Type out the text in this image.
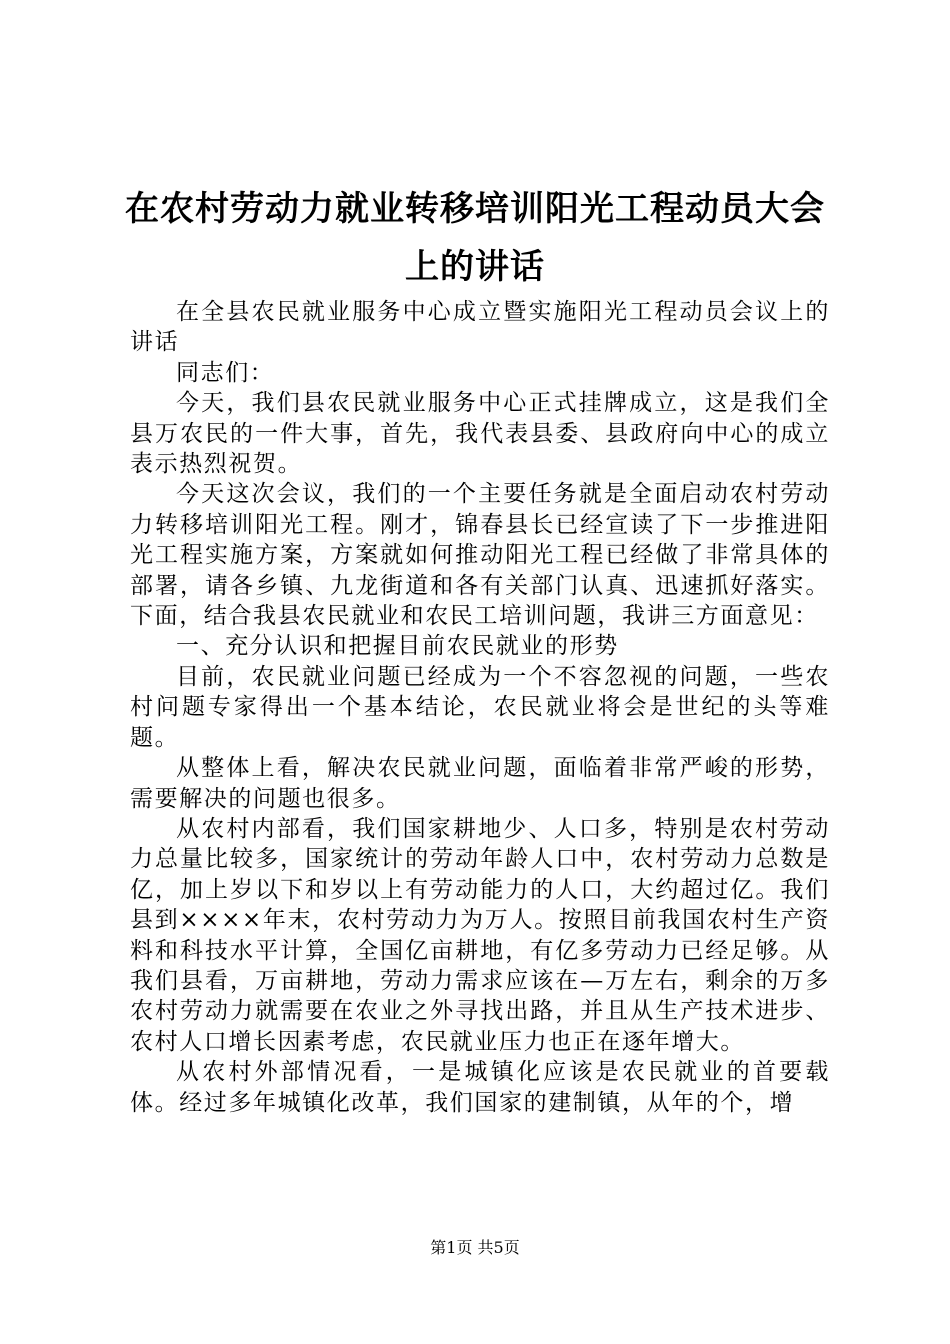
在农村劳动力就业转移培训阳光工程动员大会上的讲话

在全县农民就业服务中心成立暨实施阳光工程动员会议上的讲话

同志们：

今天，我们县农民就业服务中心正式挂牌成立，这是我们全县万农民的一件大事，首先，我代表县委、县政府向中心的成立表示热烈祝贺。

今天这次会议，我们的一个主要任务就是全面启动农村劳动力转移培训阳光工程。刚才，锦春县长已经宣读了下一步推进阳光工程实施方案，方案就如何推动阳光工程已经做了非常具体的部署，请各乡镇、九龙街道和各有关部门认真、迅速抓好落实。下面，结合我县农民就业和农民工培训问题，我讲三方面意见：

一、充分认识和把握目前农民就业的形势

目前，农民就业问题已经成为一个不容忽视的问题，一些农村问题专家得出一个基本结论，农民就业将会是世纪的头等难题。

从整体上看，解决农民就业问题，面临着非常严峻的形势，需要解决的问题也很多。

从农村内部看，我们国家耕地少、人口多，特别是农村劳动力总量比较多，国家统计的劳动年龄人口中，农村劳动力总数是亿，加上岁以下和岁以上有劳动能力的人口，大约超过亿。我们县到××××年末，农村劳动力为万人。按照目前我国农村生产资料和科技水平计算，全国亿亩耕地，有亿多劳动力已经足够。从我们县看，万亩耕地，劳动力需求应该在—万左右，剩余的万多农村劳动力就需要在农业之外寻找出路，并且从生产技术进步、农村人口增长因素考虑，农民就业压力也正在逐年增大。

从农村外部情况看，一是城镇化应该是农民就业的首要载体。经过多年城镇化改革，我们国家的建制镇，从年的个，增

第1页 共5页
